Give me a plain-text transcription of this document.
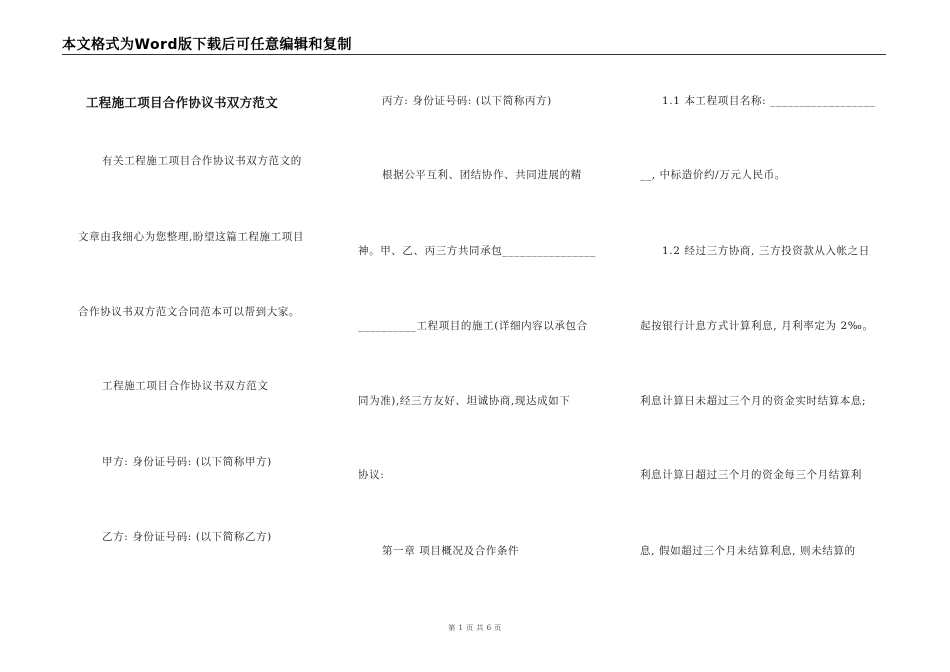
本文格式为Word版下载后可任意编辑和复制
工程施工项目合作协议书双方范文
有关工程施工项目合作协议书双方范文的
文章由我细心为您整理,盼望这篇工程施工项目
合作协议书双方范文合同范本可以帮到大家。
工程施工项目合作协议书双方范文
甲方: 身份证号码: (以下简称甲方)
乙方: 身份证号码: (以下简称乙方)
丙方: 身份证号码: (以下简称丙方)
根据公平互利、团结协作、共同进展的精
神。甲、乙、丙三方共同承包________________
__________工程项目的施工(详细内容以承包合
同为准),经三方友好、坦诚协商,现达成如下
协议:
第一章 项目概况及合作条件
1.1 本工程项目名称: __________________
__, 中标造价约/万元人民币。
1.2 经过三方协商, 三方投资款从入帐之日
起按银行计息方式计算利息, 月利率定为 2‰。
利息计算日未超过三个月的资金实时结算本息;
利息计算日超过三个月的资金每三个月结算利
息, 假如超过三个月未结算利息, 则未结算的
第 1 页 共 6 页
